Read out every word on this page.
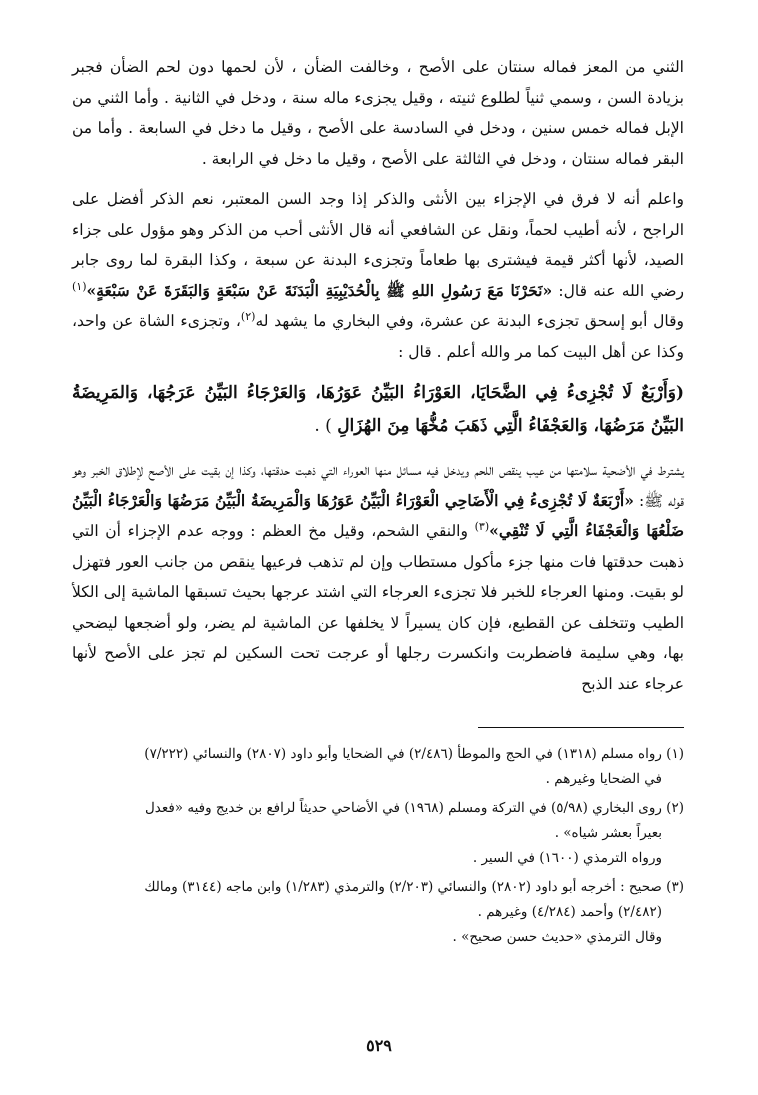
الثني من المعز فماله سنتان على الأصح ، وخالفت الضأن ، لأن لحمها دون لحم الضأن فجبر بزيادة السن ، وسمي ثنياً لطلوع ثنيته ، وقيل يجزىء ماله سنة ، ودخل في الثانية . وأما الثني من الإبل فماله خمس سنين ، ودخل في السادسة على الأصح ، وقيل ما دخل في السابعة . وأما من البقر فماله سنتان ، ودخل في الثالثة على الأصح ، وقيل ما دخل في الرابعة .

واعلم أنه لا فرق في الإجزاء بين الأنثى والذكر إذا وجد السن المعتبر، نعم الذكر أفضل على الراجح ، لأنه أطيب لحماً، ونقل عن الشافعي أنه قال الأنثى أحب من الذكر وهو مؤول على جزاء الصيد، لأنها أكثر قيمة فيشترى بها طعاماً وتجزىء البدنة عن سبعة ، وكذا البقرة لما روى جابر رضي الله عنه قال: «نَحَرْنَا مَعَ رَسُولِ اللهِ ﷺ بِالْحُدَيْبِيَةِ الْبَدَنَةَ عَنْ سَبْعَةٍ وَالبَقَرَةَ عَنْ سَبْعَةٍ»$^{(١)}$ وقال أبو إسحق تجزىء البدنة عن عشرة، وفي البخاري ما يشهد له$^{(٢)}$، وتجزىء الشاة عن واحد، وكذا عن أهل البيت كما مر والله أعلم . قال :

(وَأَرْبَعٌ لَا تُجْزِىءُ فِي الضَّحَايَا، العَوْرَاءُ البَيِّنُ عَوَرُهَا، وَالعَرْجَاءُ البَيِّنُ عَرَجُهَا، وَالمَرِيضَةُ البَيِّنُ مَرَضُهَا، وَالعَجْفَاءُ الَّتِي ذَهَبَ مُخُّهَا مِنَ الهُزَالِ ) .

يشترط في الأضحية سلامتها من عيب ينقص اللحم ويدخل فيه مسائل منها العوراء التي ذهبت حدقتها، وكذا إن بقيت على الأصح لإطلاق الخبر وهو قوله ﷺ: «أَرْبَعَةٌ لَا تُجْزِىءُ فِي الْأَضَاحِي الْعَوْرَاءُ الْبَيِّنُ عَوَرُهَا وَالْمَرِيضَةُ الْبَيِّنُ مَرَضُهَا وَالْعَرْجَاءُ الْبَيِّنُ ضَلْعُهَا وَالْعَجْفَاءُ الَّتِي لَا تُنْقِي»$^{(٣)}$ والنقي الشحم، وقيل مخ العظم : ووجه عدم الإجزاء أن التي ذهبت حدقتها فات منها جزء مأكول مستطاب وإن لم تذهب فرعيها ينقص من جانب العور فتهزل لو بقيت. ومنها العرجاء للخبر فلا تجزىء العرجاء التي اشتد عرجها بحيث تسبقها الماشية إلى الكلأ الطيب وتتخلف عن القطيع، فإن كان يسيراً لا يخلفها عن الماشية لم يضر، ولو أضجعها ليضحي بها، وهي سليمة فاضطربت وانكسرت رجلها أو عرجت تحت السكين لم تجز على الأصح لأنها عرجاء عند الذبح

(١) رواه مسلم (١٣١٨) في الحج والموطأ (٢/٤٨٦) في الضحايا وأبو داود (٢٨٠٧) والنسائي (٧/٢٢٢)
في الضحايا وغيرهم .
(٢) روى البخاري (٥/٩٨) في التركة ومسلم (١٩٦٨) في الأضاحي حديثاً لرافع بن خديج وفيه «فعدل
بعيراً بعشر شياه» .
ورواه الترمذي (١٦٠٠) في السير .
(٣) صحيح : أخرجه أبو داود (٢٨٠٢) والنسائي (٢/٢٠٣) والترمذي (١/٢٨٣) وابن ماجه (٣١٤٤) ومالك
(٢/٤٨٢) وأحمد (٤/٢٨٤) وغيرهم .
وقال الترمذي «حديث حسن صحيح» .
٥٢٩
